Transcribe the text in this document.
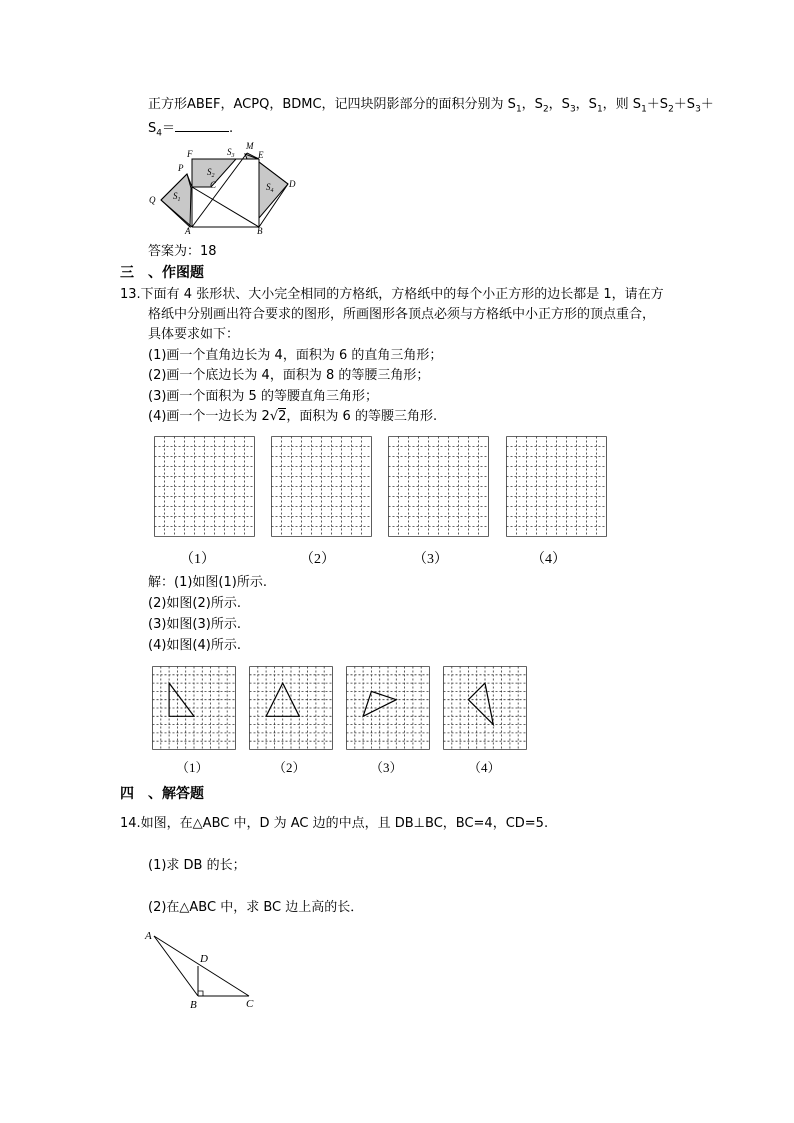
正方形ABEF，ACPQ，BDMC，记四块阴影部分的面积分别为 $S_1$，$S_2$，$S_3$，$S_1$，则 $S_1+S_2+S_3+$
$S_4=$	.
F
P
$S_3$
M
E
$S_2$
C	$S_4$
D
Q $S_1$
A	B
答案为：18
三　、作图题
13.下面有 4 张形状、大小完全相同的方格纸，方格纸中的每个小正方形的边长都是 1，请在方
格纸中分别画出符合要求的图形，所画图形各顶点必须与方格纸中小正方形的顶点重合，
具体要求如下：
(1)画一个直角边长为 4，面积为 6 的直角三角形；
(2)画一个底边长为 4，面积为 8 的等腰三角形；
(3)画一个面积为 5 的等腰直角三角形；
(4)画一个一边长为 2√2，面积为 6 的等腰三角形.
（1）	（2）	（3）	（4）
解：(1)如图(1)所示.
(2)如图(2)所示.
(3)如图(3)所示.
(4)如图(4)所示.
（1）	（2）	（3）	（4）
四　、解答题
14.如图，在△ABC 中，D 为 AC 边的中点，且 DB⊥BC，BC=4，CD=5.
(1)求 DB 的长；
(2)在△ABC 中，求 BC 边上高的长．
A
D
B	C
